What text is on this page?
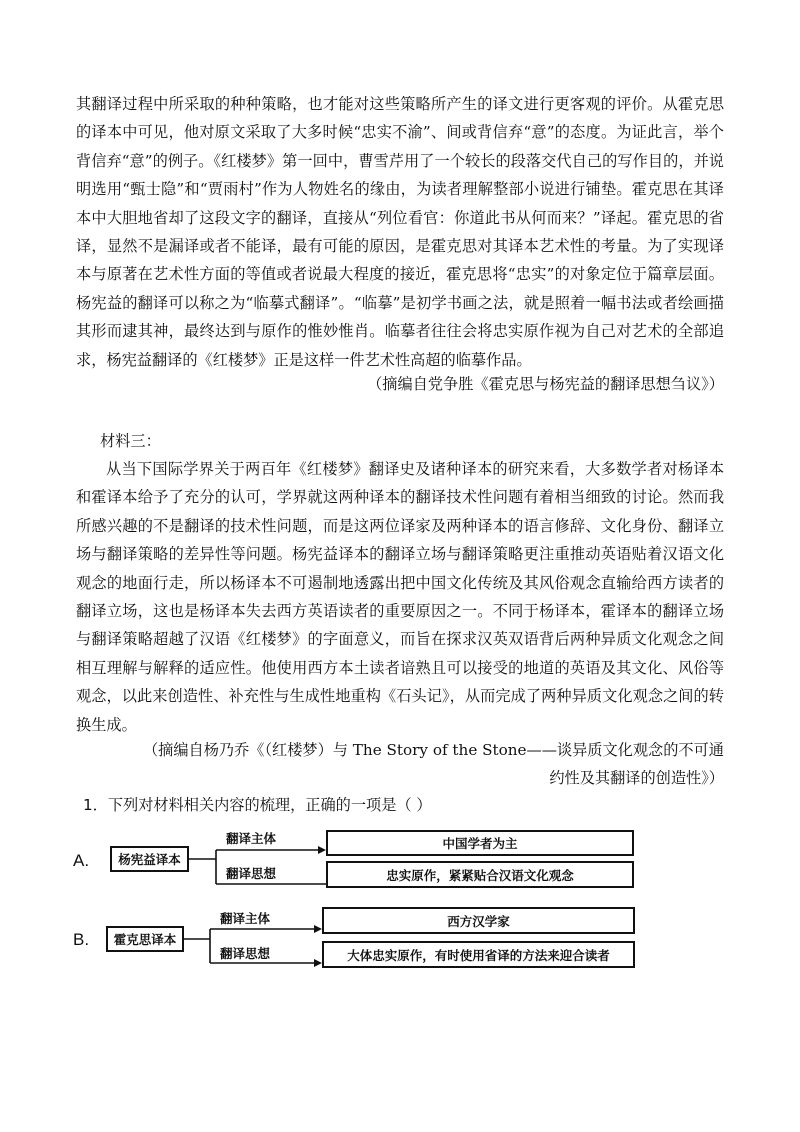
其翻译过程中所采取的种种策略，也才能对这些策略所产生的译文进行更客观的评价。从霍克思的译本中可见，他对原文采取了大多时候“忠实不渝”、间或背信弃“意”的态度。为证此言，举个背信弃“意”的例子。《红楼梦》第一回中，曹雪芹用了一个较长的段落交代自己的写作目的，并说明选用“甄士隐”和“贾雨村”作为人物姓名的缘由，为读者理解整部小说进行铺垫。霍克思在其译本中大胆地省却了这段文字的翻译，直接从“列位看官：你道此书从何而来？”译起。霍克思的省译，显然不是漏译或者不能译，最有可能的原因，是霍克思对其译本艺术性的考量。为了实现译本与原著在艺术性方面的等值或者说最大程度的接近，霍克思将“忠实”的对象定位于篇章层面。杨宪益的翻译可以称之为“临摹式翻译”。“临摹”是初学书画之法，就是照着一幅书法或者绘画描其形而逮其神，最终达到与原作的惟妙惟肖。临摹者往往会将忠实原作视为自己对艺术的全部追求，杨宪益翻译的《红楼梦》正是这样一件艺术性高超的临摹作品。

（摘编自党争胜《霍克思与杨宪益的翻译思想刍议》）

材料三：

从当下国际学界关于两百年《红楼梦》翻译史及诸种译本的研究来看，大多数学者对杨译本和霍译本给予了充分的认可，学界就这两种译本的翻译技术性问题有着相当细致的讨论。然而我所感兴趣的不是翻译的技术性问题，而是这两位译家及两种译本的语言修辞、文化身份、翻译立场与翻译策略的差异性等问题。杨宪益译本的翻译立场与翻译策略更注重推动英语贴着汉语文化观念的地面行走，所以杨译本不可遏制地透露出把中国文化传统及其风俗观念直输给西方读者的翻译立场，这也是杨译本失去西方英语读者的重要原因之一。不同于杨译本，霍译本的翻译立场与翻译策略超越了汉语《红楼梦》的字面意义，而旨在探求汉英双语背后两种异质文化观念之间相互理解与解释的适应性。他使用西方本土读者谙熟且可以接受的地道的英语及其文化、风俗等观念，以此来创造性、补充性与生成性地重构《石头记》，从而完成了两种异质文化观念之间的转换生成。

（摘编自杨乃乔《（红楼梦）与 The Story of the Stone——谈异质文化观念的不可通

约性及其翻译的创造性》）

1．下列对材料相关内容的梳理，正确的一项是（ ）

A.	杨宪益译本
翻译主体
翻译思想
中国学者为主
忠实原作，紧紧贴合汉语文化观念
B.	霍克思译本
翻译主体
翻译思想
西方汉学家
大体忠实原作，有时使用省译的方法来迎合读者
